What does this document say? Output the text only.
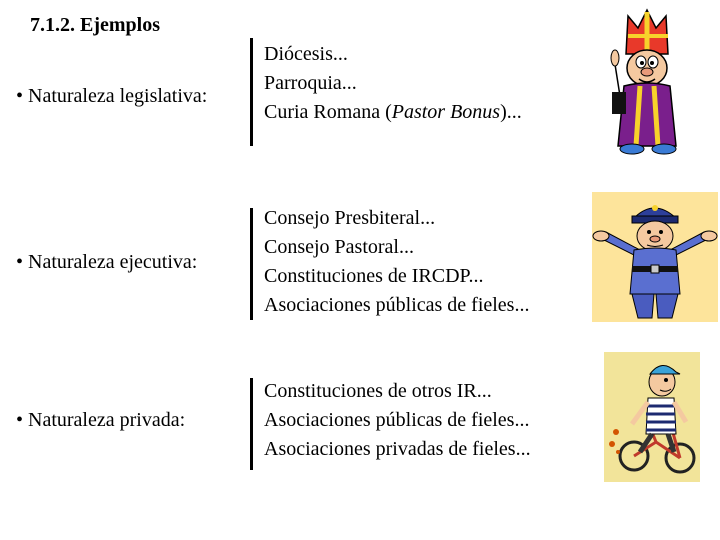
7.1.2. Ejemplos
• Naturaleza legislativa:
Diócesis...
Parroquia...
Curia Romana (Pastor Bonus)...
• Naturaleza ejecutiva:
Consejo Presbiteral...
Consejo Pastoral...
Constituciones de IRCDP...
Asociaciones públicas de fieles...
• Naturaleza privada:
Constituciones de otros IR...
Asociaciones públicas de fieles...
Asociaciones privadas de fieles...
